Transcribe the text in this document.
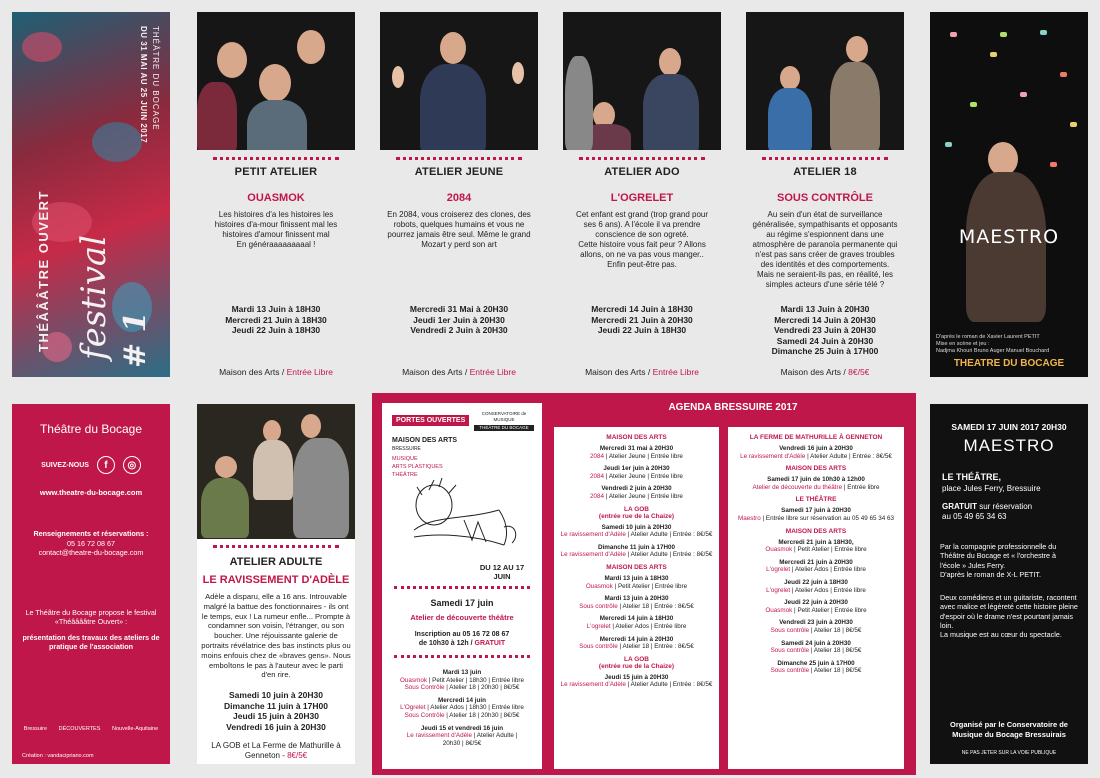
THÉÂTRE DU BOCAGE
DU 31 MAI AU 25 JUIN 2017
# 1
festival
THÉÂÂÂTRE OUVERT
PETIT ATELIER
OUASMOK
Les histoires d'a les histoires les histoires d'a-mour finissent mal les histoires d'amour finissent mal
En généraaaaaaaaal !
Mardi 13 Juin à 18H30
Mercredi 21 Juin à 18H30
Jeudi 22 Juin à 18H30
Maison des Arts / Entrée Libre
ATELIER JEUNE
2084
En 2084, vous croiserez des clones, des robots, quelques humains et vous ne pourrez jamais être seul. Même le grand Mozart y perd son art
Mercredi 31 Mai à 20H30
Jeudi 1er Juin à 20H30
Vendredi 2 Juin à 20H30
Maison des Arts / Entrée Libre
ATELIER ADO
L'OGRELET
Cet enfant est grand (trop grand pour ses 6 ans). A l'école il va prendre conscience de son ogreté.
Cette histoire vous fait peur ? Allons allons, on ne va pas vous manger..
Enfin peut-être pas.
Mercredi 14 Juin à 18H30
Mercredi 21 Juin à 20H30
Jeudi 22 Juin à 18H30
Maison des Arts / Entrée Libre
ATELIER 18
SOUS CONTRÔLE
Au sein d'un état de surveillance généralisée, sympathisants et opposants au régime s'espionnent dans une atmosphère de paranoïa permanente qui n'est pas sans créer de graves troubles des identités et des comportements. Mais ne seraient-ils pas, en réalité, les simples acteurs d'une série télé ?
Mardi 13 Juin à 20H30
Mercredi 14 Juin à 20H30
Vendredi 23 Juin à 20H30
Samedi 24 Juin à 20H30
Dimanche 25 Juin à 17H00
Maison des Arts / 8€/5€
MAESTRO
D'après le roman de Xavier Laurent PETIT
Mise en scène et jeu :
Nadjma Khouri Bruno Auger Manuel Bouchard
THEATRE DU BOCAGE
Théâtre du Bocage
SUIVEZ-NOUS	f	◎
www.theatre-du-bocage.com
Renseignements et réservations :
05 16 72 08 67
contact@theatre-du-bocage.com
Le Théâtre du Bocage propose le festival «Théââââtre Ouvert» :
présentation des travaux des ateliers de pratique de l'association
Bressuire DÉCOUVERTES Nouvelle-Aquitaine
Création : vandacipriano.com
ATELIER ADULTE
LE RAVISSEMENT D'ADÈLE
Adèle a disparu, elle a 16 ans. Introuvable malgré la battue des fonctionnaires - ils ont le temps, eux ! La rumeur enfle... Prompte à condamner son voisin, l'étranger, ou son boucher. Une réjouissante galerie de portraits révélatrice des bas instincts plus ou moins enfouis chez de «braves gens». Nous emboîtons le pas à l'auteur avec le parti d'en rire.
Samedi 10 juin à 20H30
Dimanche 11 juin à 17H00
Jeudi 15 juin à 20H30
Vendredi 16 juin à 20H30
LA GOB et La Ferme de Mathurille à Genneton - 8€/5€
PORTES OUVERTES
CONSERVATOIRE de MUSIQUE
THÉÂTRE DU BOCAGE
MAISON DES ARTS
BRESSUIRE
MUSIQUE
ARTS PLASTIQUES
THÉÂTRE
DU 12 AU 17 JUIN
Samedi 17 juin
Atelier de découverte théâtre
Inscription au 05 16 72 08 67
de 10h30 à 12h / GRATUIT
Mardi 13 juin
Ouasmok | Petit Atelier | 18h30 | Entrée libre
Sous Contrôle | Atelier 18 | 20h30 | 8€/5€
Mercredi 14 juin
L'Ogrelet | Atelier Ados | 18h30 | Entrée libre
Sous Contrôle | Atelier 18 | 20h30 | 8€/5€
Jeudi 15 et vendredi 16 juin
Le ravissement d'Adèle | Atelier Adulte |
20h30 | 8€/5€
AGENDA BRESSUIRE 2017
MAISON DES ARTS
Mercredi 31 mai à 20H30
2084 | Atelier Jeune | Entrée libre
Jeudi 1er juin à 20H30
2084 | Atelier Jeune | Entrée libre
Vendredi 2 juin à 20H30
2084 | Atelier Jeune | Entrée libre
LA GOB
(entrée rue de la Chaize)
Samedi 10 juin à 20H30
Le ravissement d'Adèle | Atelier Adulte | Entrée : 8€/5€
Dimanche 11 juin à 17H00
Le ravissement d'Adèle | Atelier Adulte | Entrée : 8€/5€
MAISON DES ARTS
Mardi 13 juin à 18H30
Ouasmok | Petit Atelier | Entrée libre
Mardi 13 juin à 20H30
Sous contrôle | Atelier 18 | Entrée : 8€/5€
Mercredi 14 juin à 18H30
L'ogrelet | Atelier Ados | Entrée libre
Mercredi 14 juin à 20H30
Sous contrôle | Atelier 18 | Entrée : 8€/5€
LA GOB
(entrée rue de la Chaize)
Jeudi 15 juin à 20H30
Le ravissement d'Adèle | Atelier Adulte | Entrée : 8€/5€
LA FERME DE MATHURILLE À GENNETON
Vendredi 16 juin à 20H30
Le ravissement d'Adèle | Atelier Adulte | Entrée : 8€/5€
MAISON DES ARTS
Samedi 17 juin de 10h30 à 12h00
Atelier de découverte du théâtre | Entrée libre
LE THÉÂTRE
Samedi 17 juin à 20H30
Maestro | Entrée libre sur réservation au 05 49 65 34 63
MAISON DES ARTS
Mercredi 21 juin à 18H30,
Ouasmok | Petit Atelier | Entrée libre
Mercredi 21 juin à 20H30
L'ogrelet | Atelier Ados | Entrée libre
Jeudi 22 juin à 18H30
L'ogrelet | Atelier Ados | Entrée libre
Jeudi 22 juin à 20H30
Ouasmok | Petit Atelier | Entrée libre
Vendredi 23 juin à 20H30
Sous contrôle | Atelier 18 | 8€/5€
Samedi 24 juin à 20H30
Sous contrôle | Atelier 18 | 8€/5€
Dimanche 25 juin à 17H00
Sous contrôle | Atelier 18 | 8€/5€
SAMEDI 17 JUIN 2017 20H30
MAESTRO
LE THÉÂTRE,
place Jules Ferry, Bressuire
GRATUIT sur réservation
au 05 49 65 34 63
Par la compagnie professionnelle du Théâtre du Bocage et « l'orchestre à l'école » Jules Ferry.
D'après le roman de X-L PETIT.
Deux comédiens et un guitariste, racontent avec malice et légèreté cette histoire pleine d'espoir où le drame n'est pourtant jamais loin.
La musique est au cœur du spectacle.
Organisé par le Conservatoire de Musique du Bocage Bressuirais
NE PAS JETER SUR LA VOIE PUBLIQUE
